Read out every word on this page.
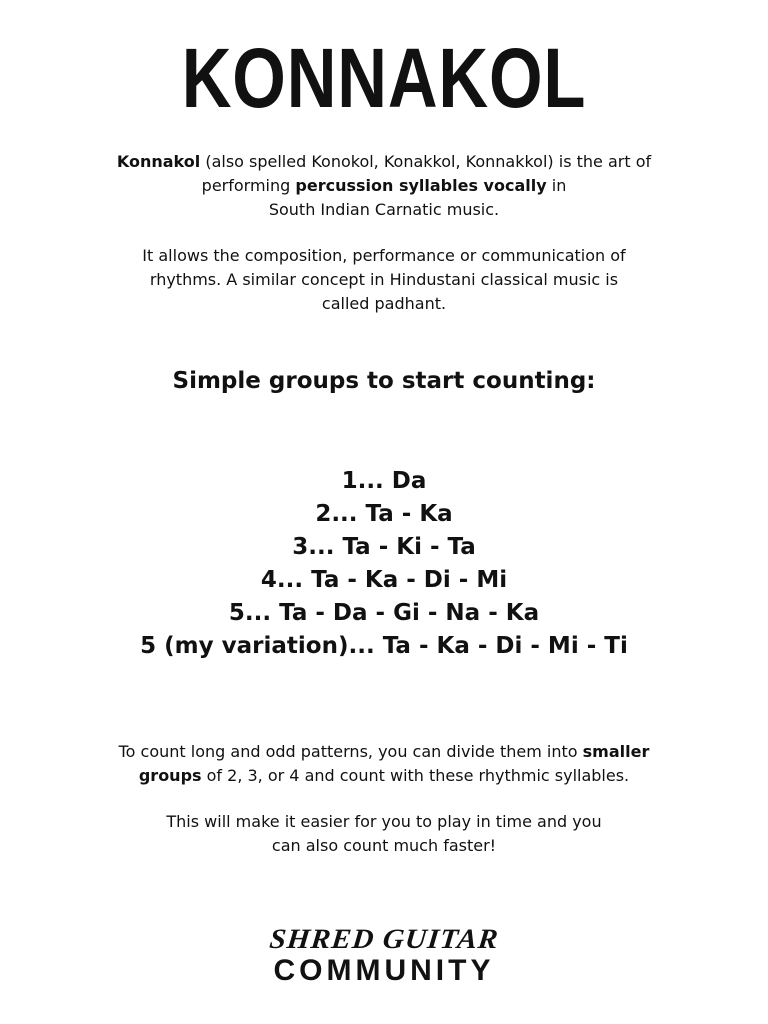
KONNAKOL

Konnakol (also spelled Konokol, Konakkol, Konnakkol) is the art of
performing percussion syllables vocally in
South Indian Carnatic music.

It allows the composition, performance or communication of
rhythms. A similar concept in Hindustani classical music is
called padhant.

Simple groups to start counting:
1... Da
2... Ta - Ka
3... Ta - Ki - Ta
4... Ta - Ka - Di - Mi
5... Ta - Da - Gi - Na - Ka
5 (my variation)... Ta - Ka - Di - Mi - Ti

To count long and odd patterns, you can divide them into smaller
groups of 2, 3, or 4 and count with these rhythmic syllables.

This will make it easier for you to play in time and you
can also count much faster!

SHRED GUITAR
COMMUNITY
